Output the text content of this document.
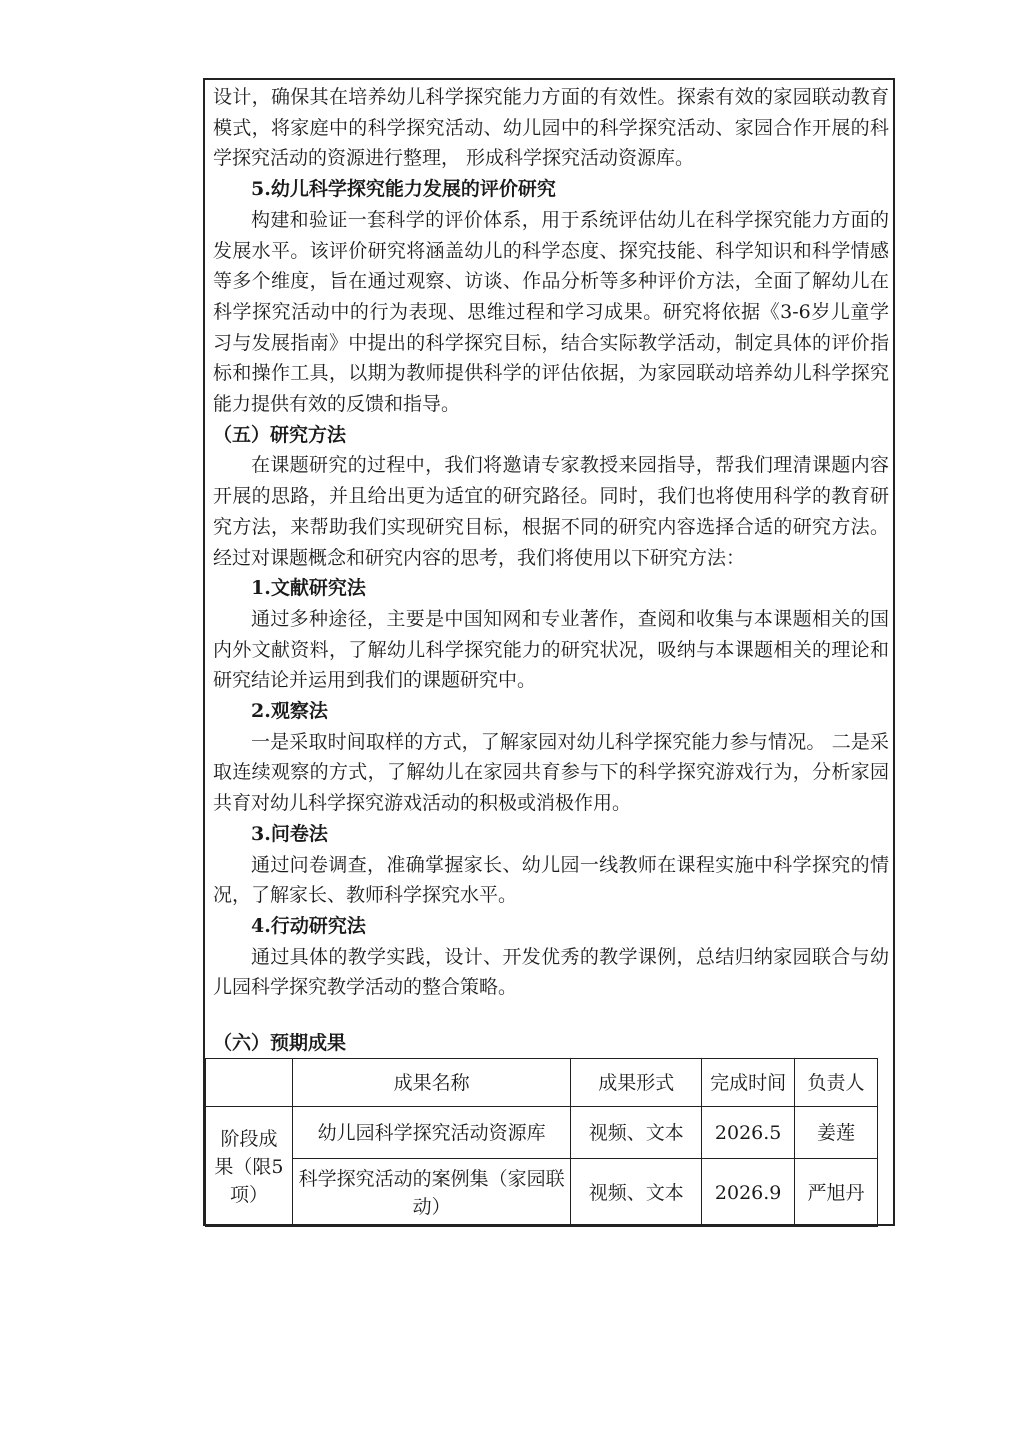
设计，确保其在培养幼儿科学探究能力方面的有效性。探索有效的家园联动教育模式，将家庭中的科学探究活动、幼儿园中的科学探究活动、家园合作开展的科学探究活动的资源进行整理， 形成科学探究活动资源库。

5.幼儿科学探究能力发展的评价研究

构建和验证一套科学的评价体系，用于系统评估幼儿在科学探究能力方面的发展水平。该评价研究将涵盖幼儿的科学态度、探究技能、科学知识和科学情感等多个维度，旨在通过观察、访谈、作品分析等多种评价方法，全面了解幼儿在科学探究活动中的行为表现、思维过程和学习成果。研究将依据《3-6岁儿童学习与发展指南》中提出的科学探究目标，结合实际教学活动，制定具体的评价指标和操作工具，以期为教师提供科学的评估依据，为家园联动培养幼儿科学探究能力提供有效的反馈和指导。

（五）研究方法

在课题研究的过程中，我们将邀请专家教授来园指导，帮我们理清课题内容开展的思路，并且给出更为适宜的研究路径。同时，我们也将使用科学的教育研究方法，来帮助我们实现研究目标，根据不同的研究内容选择合适的研究方法。经过对课题概念和研究内容的思考，我们将使用以下研究方法：

1.文献研究法

通过多种途径，主要是中国知网和专业著作，查阅和收集与本课题相关的国内外文献资料，了解幼儿科学探究能力的研究状况，吸纳与本课题相关的理论和研究结论并运用到我们的课题研究中。

2.观察法

一是采取时间取样的方式，了解家园对幼儿科学探究能力参与情况。 二是采取连续观察的方式，了解幼儿在家园共育参与下的科学探究游戏行为，分析家园共育对幼儿科学探究游戏活动的积极或消极作用。

3.问卷法

通过问卷调查，准确掌握家长、幼儿园一线教师在课程实施中科学探究的情况，了解家长、教师科学探究水平。

4.行动研究法

通过具体的教学实践，设计、开发优秀的教学课例，总结归纳家园联合与幼儿园科学探究教学活动的整合策略。

（六）预期成果
	成果名称	成果形式	完成时间	负责人
阶段成果（限5项）	幼儿园科学探究活动资源库	视频、文本	2026.5	姜莲
	科学探究活动的案例集（家园联动）	视频、文本	2026.9	严旭丹
